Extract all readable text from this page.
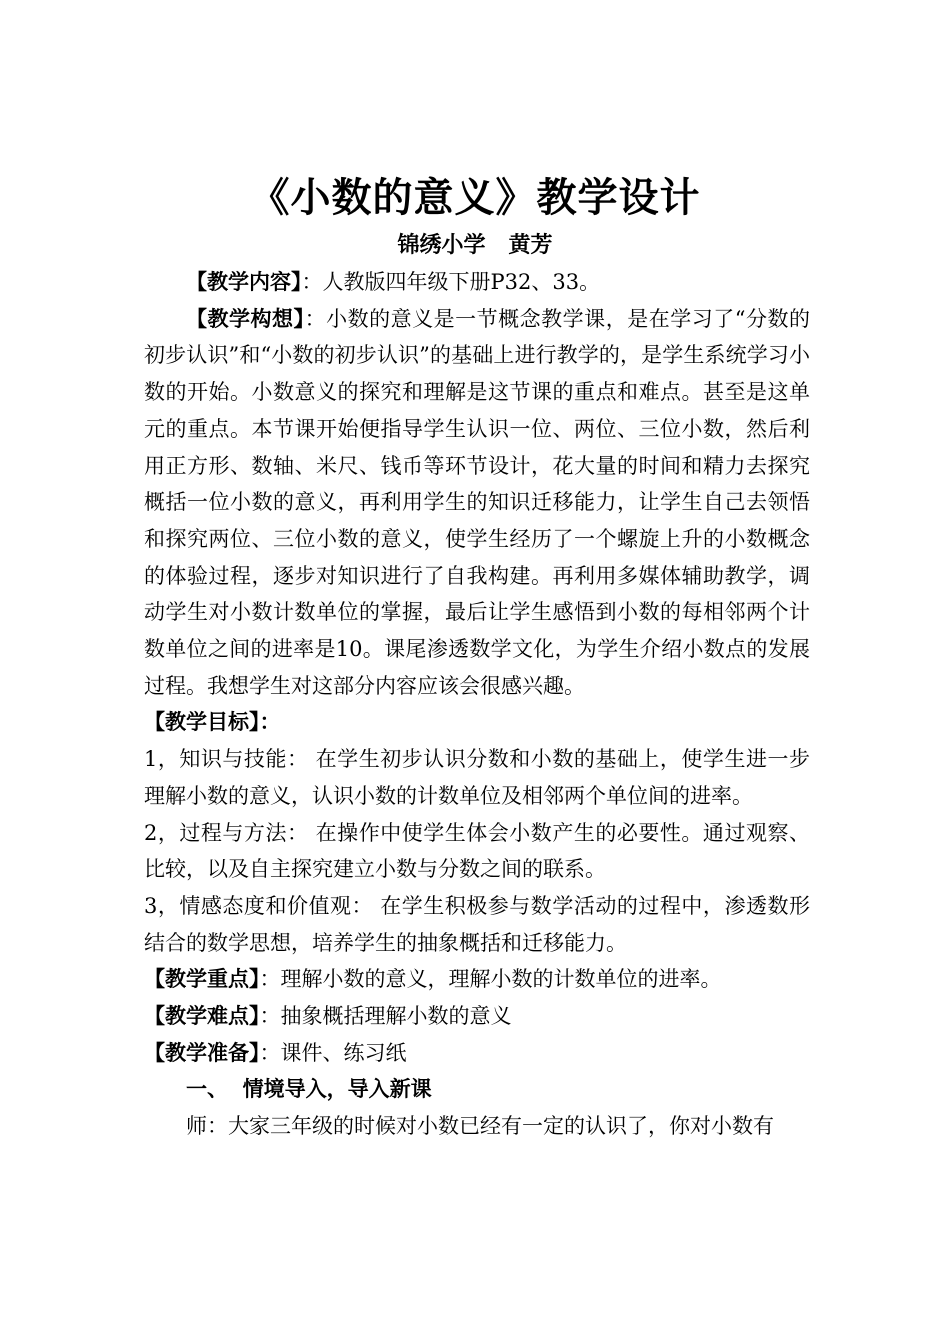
《小数的意义》教学设计
锦绣小学   黄芳

【教学内容】：人教版四年级下册P32、33。

【教学构想】：小数的意义是一节概念教学课，是在学习了“分数的初步认识”和“小数的初步认识”的基础上进行教学的，是学生系统学习小数的开始。小数意义的探究和理解是这节课的重点和难点。甚至是这单元的重点。本节课开始便指导学生认识一位、两位、三位小数，然后利用正方形、数轴、米尺、钱币等环节设计，花大量的时间和精力去探究概括一位小数的意义，再利用学生的知识迁移能力，让学生自己去领悟和探究两位、三位小数的意义，使学生经历了一个螺旋上升的小数概念的体验过程，逐步对知识进行了自我构建。再利用多媒体辅助教学，调动学生对小数计数单位的掌握，最后让学生感悟到小数的每相邻两个计数单位之间的进率是10。课尾渗透数学文化，为学生介绍小数点的发展过程。我想学生对这部分内容应该会很感兴趣。

【教学目标】：

1，知识与技能： 在学生初步认识分数和小数的基础上，使学生进一步理解小数的意义，认识小数的计数单位及相邻两个单位间的进率。

2，过程与方法： 在操作中使学生体会小数产生的必要性。通过观察、比较，以及自主探究建立小数与分数之间的联系。

3，情感态度和价值观： 在学生积极参与数学活动的过程中，渗透数形结合的数学思想，培养学生的抽象概括和迁移能力。

【教学重点】：理解小数的意义，理解小数的计数单位的进率。

【教学难点】：抽象概括理解小数的意义

【教学准备】：课件、练习纸

一、  情境导入，导入新课

师：大家三年级的时候对小数已经有一定的认识了，你对小数有
